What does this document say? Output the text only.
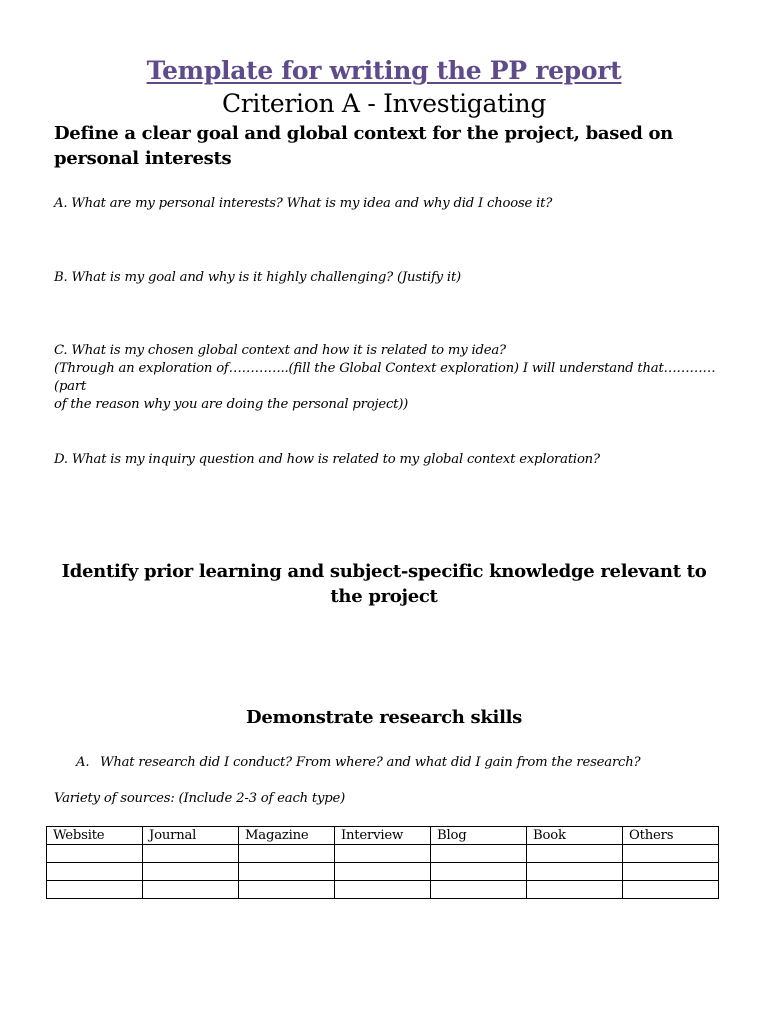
Template for writing the PP report
Criterion A - Investigating
Define a clear goal and global context for the project, based on personal interests
A. What are my personal interests? What is my idea and why did I choose it?
B. What is my goal and why is it highly challenging? (Justify it)
C. What is my chosen global context and how it is related to my idea?
(Through an exploration of…………..(fill the Global Context exploration) I will understand that…………(part
of the reason why you are doing the personal project))
D. What is my inquiry question and how is related to my global context exploration?
Identify prior learning and subject-specific knowledge relevant to the project
Demonstrate research skills
A. What research did I conduct? From where? and what did I gain from the research?
Variety of sources: (Include 2-3 of each type)
Website	Journal	Magazine	Interview	Blog	Book	Others
